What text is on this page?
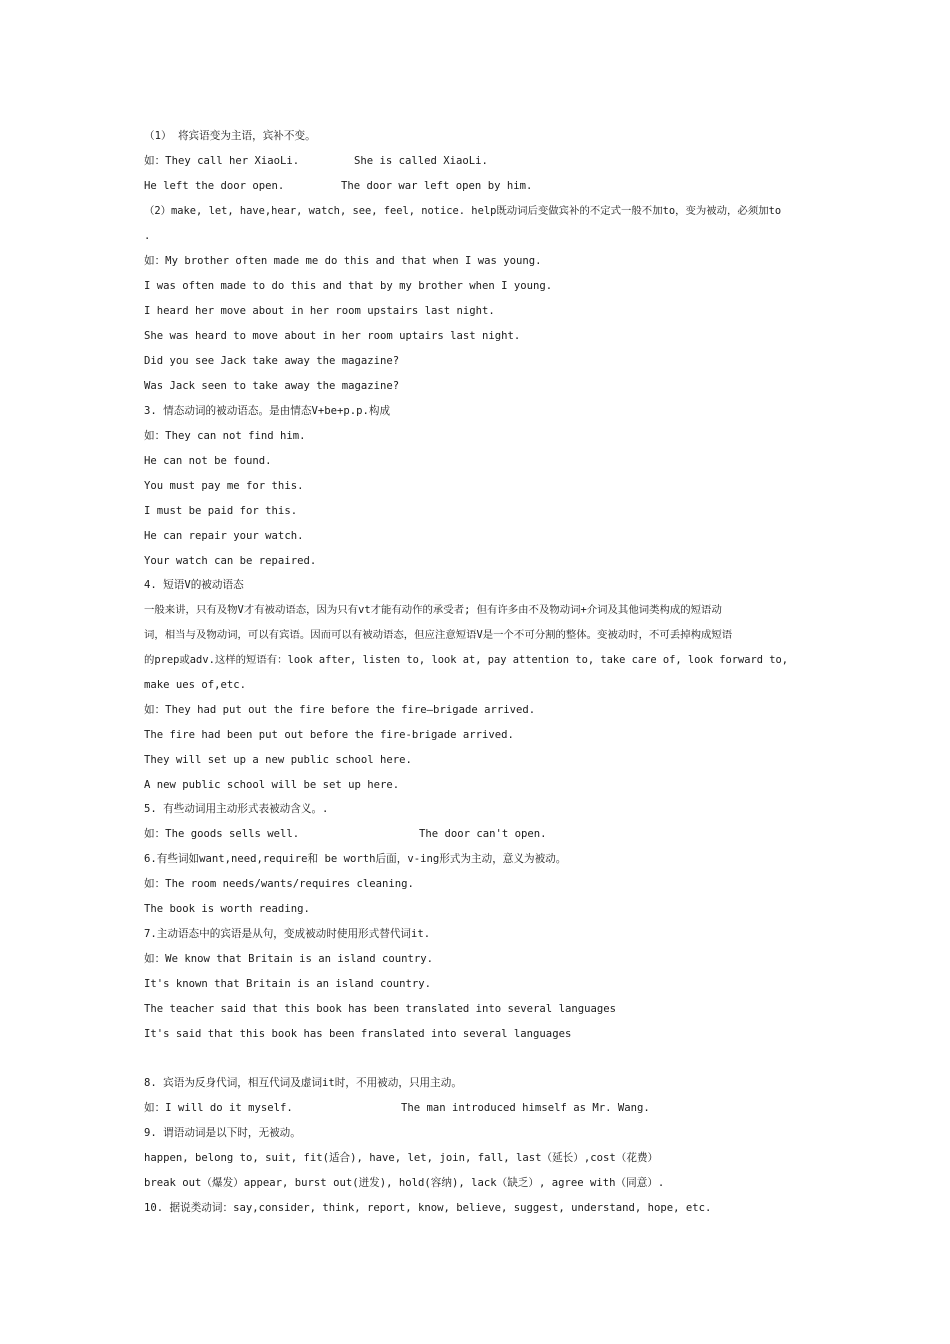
（1） 将宾语变为主语，宾补不变。
如：They call her XiaoLi.	She is called XiaoLi.
He left the door open.	The door war left open by him.
（2）make, let, have,hear, watch, see, feel, notice. help既动词后变做宾补的不定式一般不加to，变为被动，必须加to
.
如：My brother often made me do this and that when I was young.
I was often made to do this and that by my brother when I young.
I heard her move about in her room upstairs last night.
She was heard to move about in her room uptairs last night.
Did you see Jack take away the magazine?
Was Jack seen to take away the magazine?
3. 情态动词的被动语态。是由情态V+be+p.p.构成
如：They can not find him.
He can not be found.
You must pay me for this.
I must be paid for this.
He can repair your watch.
Your watch can be repaired.
4. 短语V的被动语态
一般来讲，只有及物V才有被动语态，因为只有vt才能有动作的承受者; 但有许多由不及物动词+介词及其他词类构成的短语动
词，相当与及物动词，可以有宾语。因而可以有被动语态，但应注意短语V是一个不可分割的整体。变被动时，不可丢掉构成短语
的prep或adv.这样的短语有：look after, listen to, look at, pay attention to, take care of, look forward to,
make ues of,etc.
如：They had put out the fire before the fire—brigade arrived.
The fire had been put out before the fire-brigade arrived.
They will set up a new public school here.
A new public school will be set up here.
5. 有些动词用主动形式表被动含义。.
如：The goods sells well.	The door can't open.
6.有些词如want,need,require和 be worth后面，v-ing形式为主动，意义为被动。
如：The room needs/wants/requires cleaning.
The book is worth reading.
7.主动语态中的宾语是从句，变成被动时使用形式替代词it.
如：We know that Britain is an island country.
It's known that Britain is an island country.
The teacher said that this book has been translated into several languages
It's said that this book has been franslated into several languages
8. 宾语为反身代词，相互代词及虚词it时，不用被动，只用主动。
如：I will do it myself.	The man introduced himself as Mr. Wang.
9. 谓语动词是以下时，无被动。
happen, belong to, suit, fit(适合), have, let, join, fall, last（延长）,cost（花费）
break out（爆发）appear, burst out(迸发), hold(容纳), lack（缺乏）, agree with（同意）.
10. 据说类动词：say,consider, think, report, know, believe, suggest, understand, hope, etc.
